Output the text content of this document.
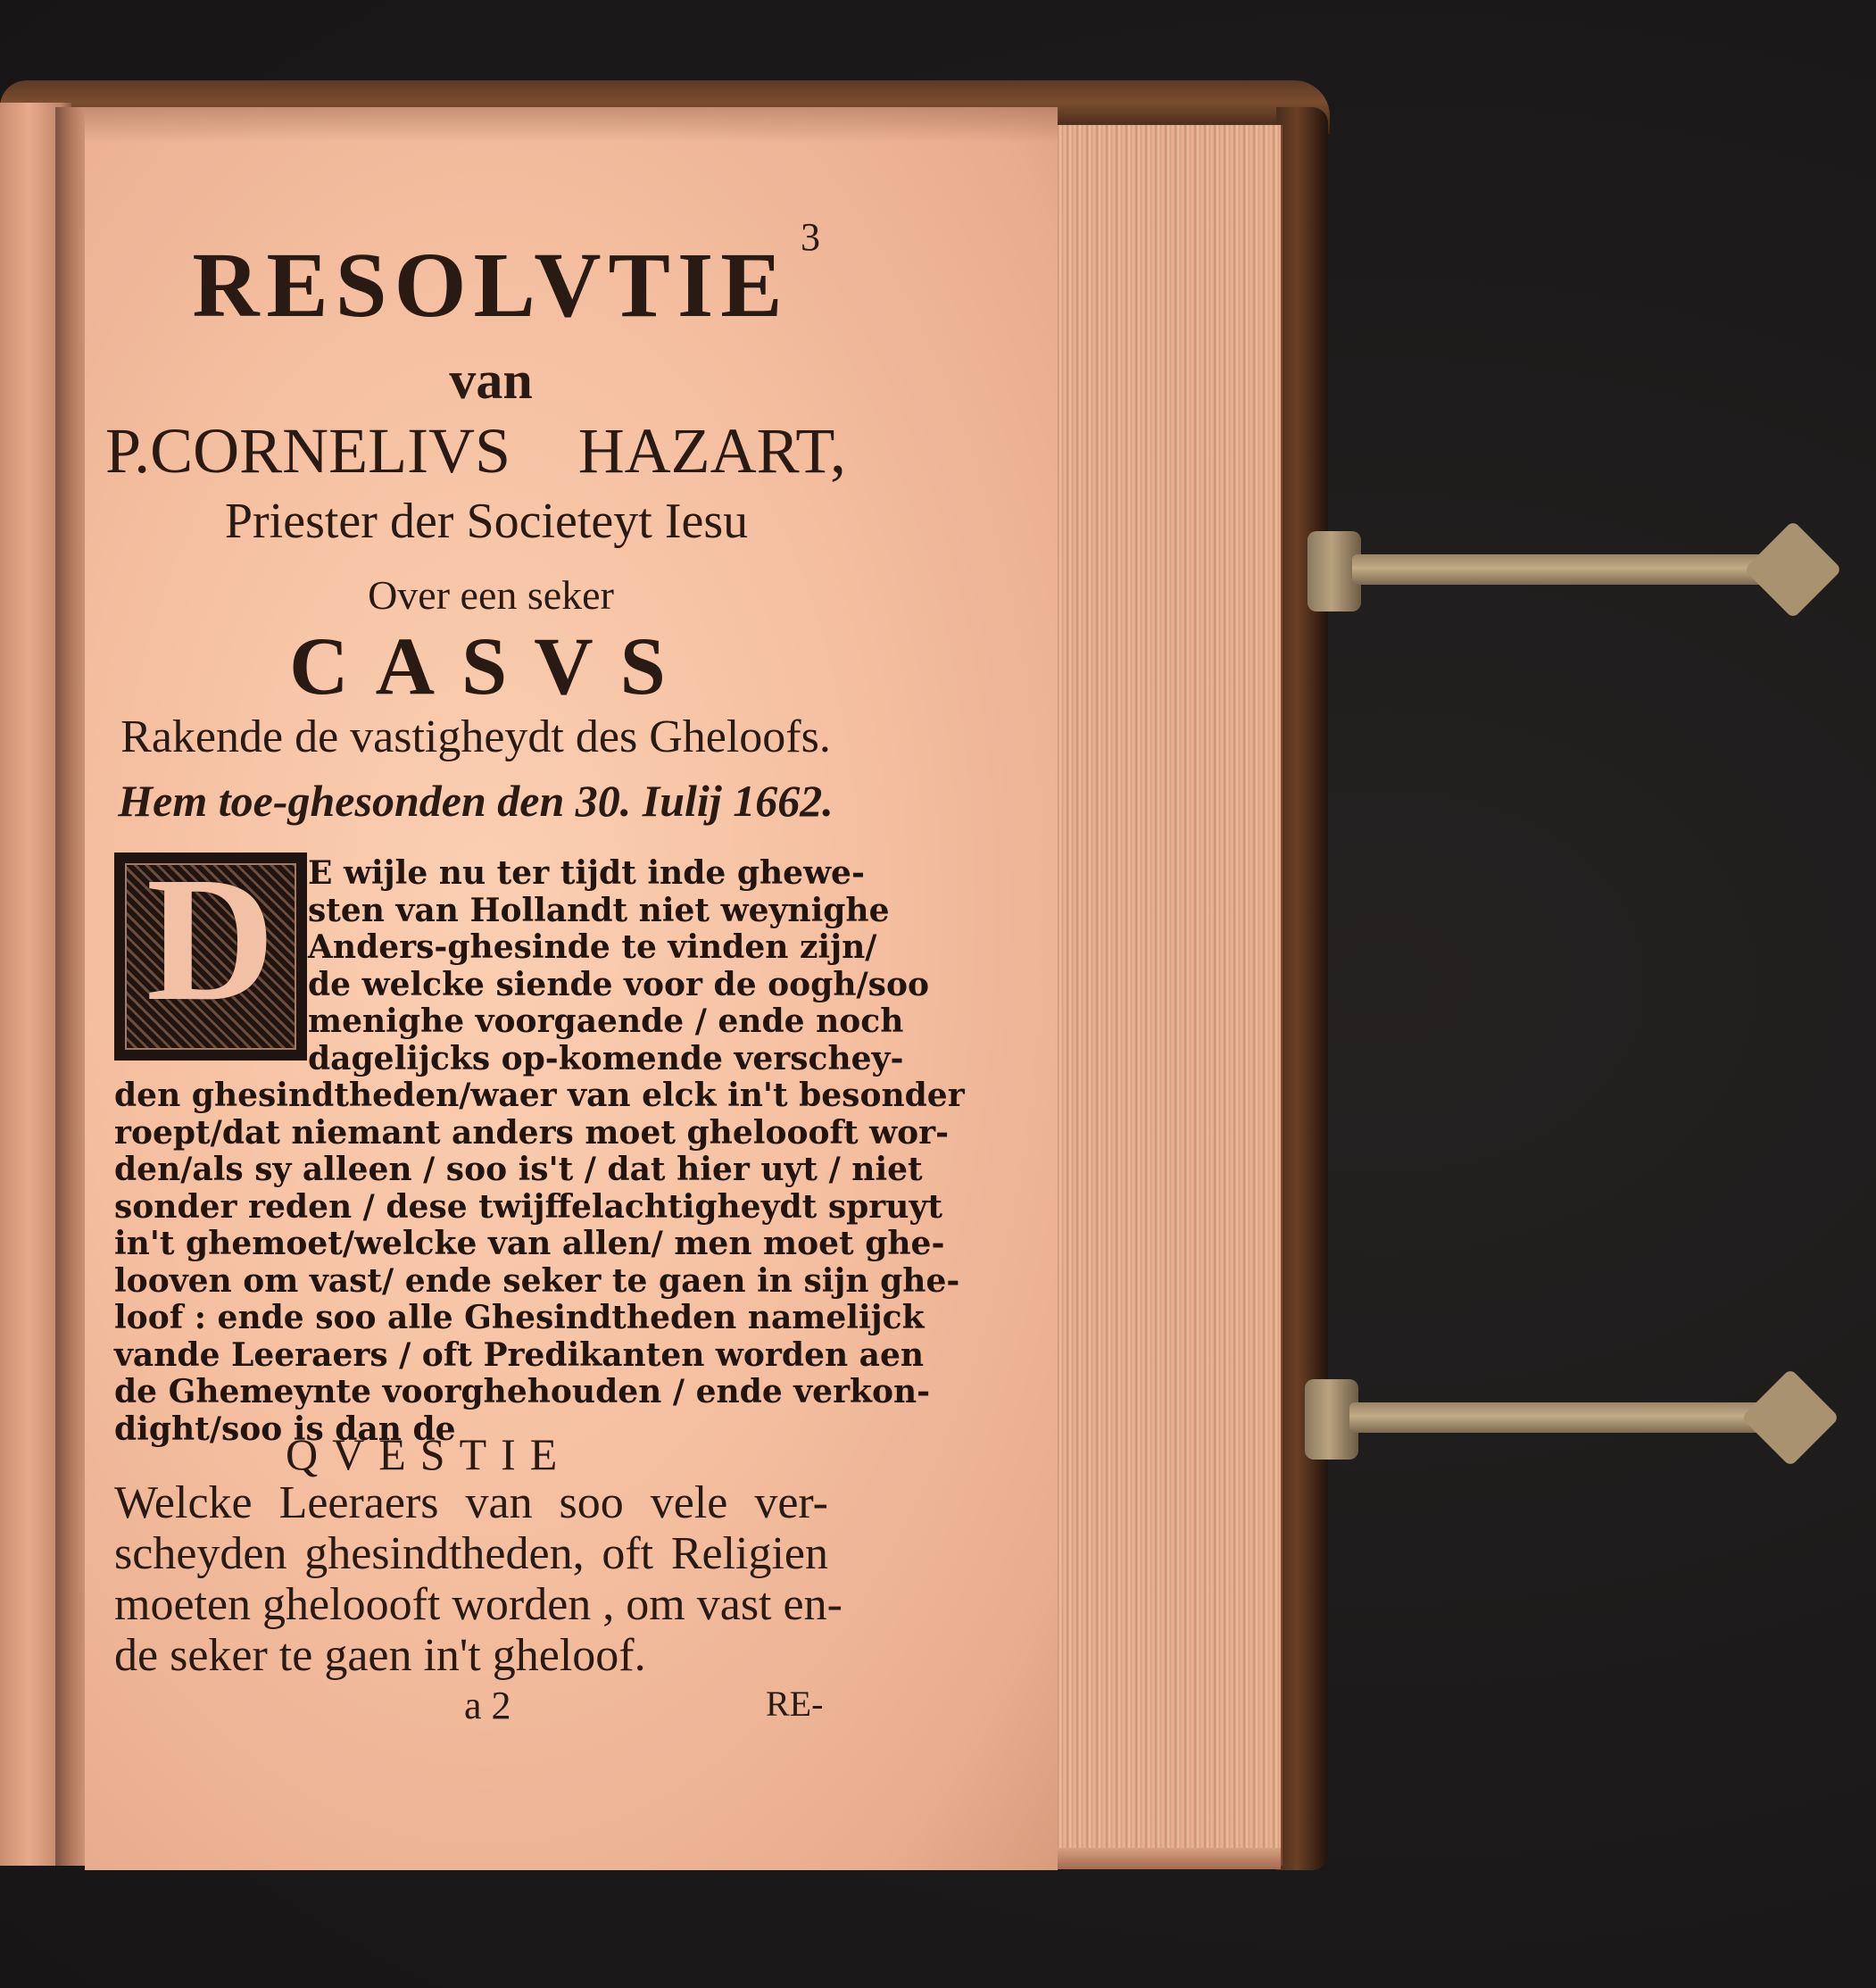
3
RESOLVTIE
van
P.CORNELIVS HAZART,
Priester der Societeyt Iesu
Over een seker
CASVS
Rakende de vastigheydt des Gheloofs.
Hem toe-ghesonden den 30. Iulij 1662.
D	E wijle nu ter tijdt inde ghewe-
sten van Hollandt niet weynighe
Anders-ghesinde te vinden zijn/
de welcke siende voor de oogh/soo
menighe voorgaende / ende noch
dagelijcks op-komende verschey-
den ghesindtheden/waer van elck in't besonder
roept/dat niemant anders moet gheloooft wor-
den/als sy alleen / soo is't / dat hier uyt / niet
sonder reden / dese twijffelachtigheydt spruyt
in't ghemoet/welcke van allen/ men moet ghe-
looven om vast/ ende seker te gaen in sijn ghe-
loof : ende soo alle Ghesindtheden namelijck
vande Leeraers / oft Predikanten worden aen
de Ghemeynte voorghehouden / ende verkon-
dight/soo is dan de
QVESTIE
Welcke Leeraers van soo vele ver-
scheyden ghesindtheden, oft Religien
moeten gheloooft worden , om vast en-
de seker te gaen in't gheloof.
a 2	RE-
